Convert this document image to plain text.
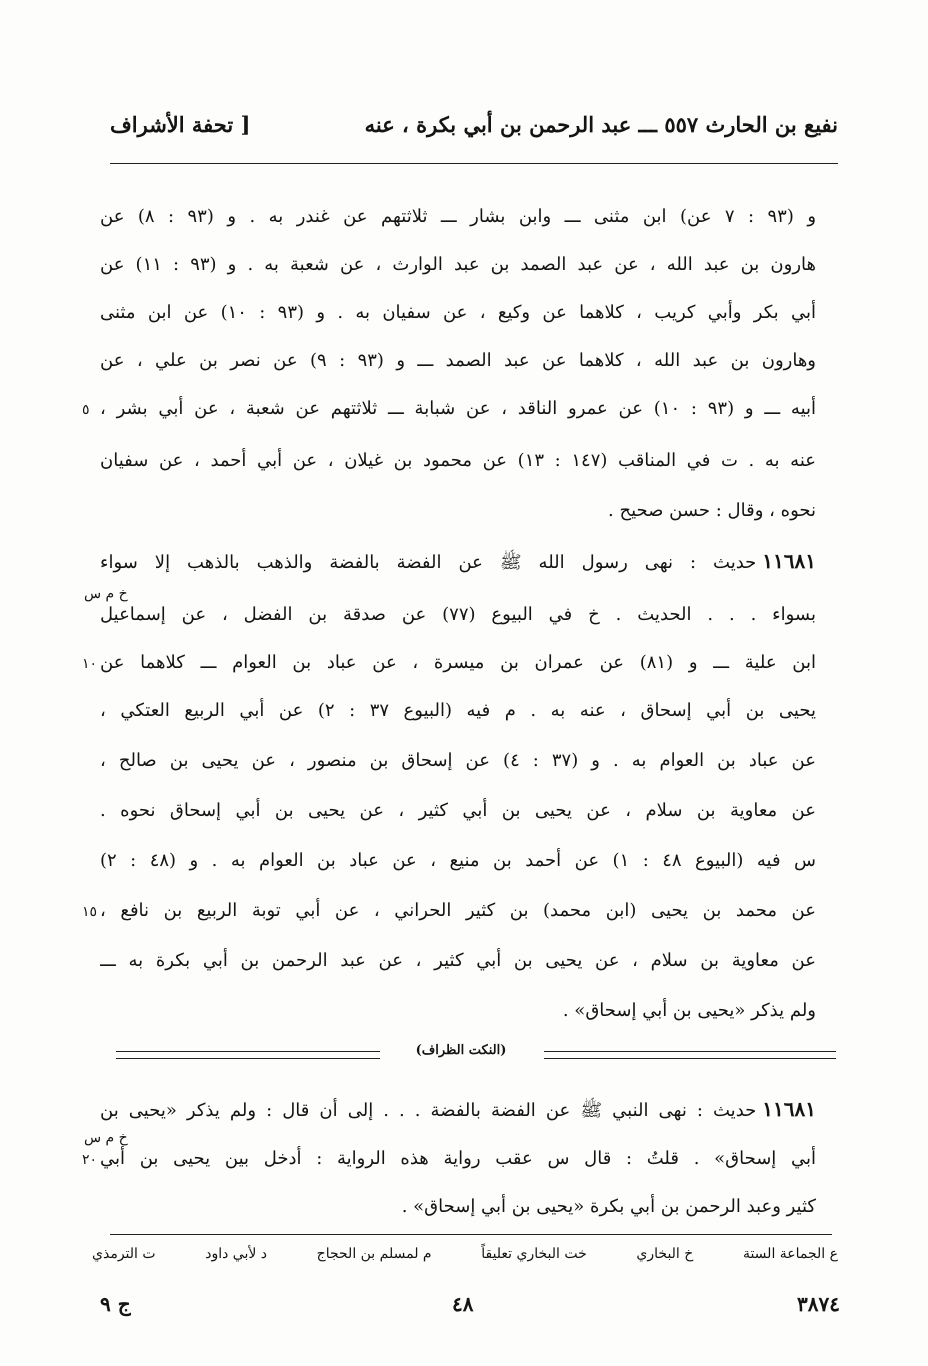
نفيع بن الحارث ٥٥٧ ـــ عبد الرحمن بن أبي بكرة ، عنه
[ تحفة الأشراف
و (٩٣ : ٧ عن) ابن مثنى ـــ وابن بشار ـــ ثلاثتهم عن غندر به . و (٩٣ : ٨) عن
هارون بن عبد الله ، عن عبد الصمد بن عبد الوارث ، عن شعبة به . و (٩٣ : ١١) عن
أبي بكر وأبي كريب ، كلاهما عن وكيع ، عن سفيان به . و (٩٣ : ١٠) عن ابن مثنى
وهارون بن عبد الله ، كلاهما عن عبد الصمد ـــ و (٩٣ : ٩) عن نصر بن علي ، عن
أبيه ـــ و (٩٣ : ١٠) عن عمرو الناقد ، عن شبابة ـــ ثلاثتهم عن شعبة ، عن أبي بشر ،
عنه به . ت في المناقب (١٤٧ : ١٣) عن محمود بن غيلان ، عن أبي أحمد ، عن سفيان
نحوه ، وقال : حسن صحيح .
١١٦٨١حديث : نهى رسول الله ﷺ عن الفضة بالفضة والذهب بالذهب إلا سواء
خ م س
بسواء . . . الحديث . خ في البيوع (٧٧) عن صدقة بن الفضل ، عن إسماعيل
ابن علية ـــ و (٨١) عن عمران بن ميسرة ، عن عباد بن العوام ـــ كلاهما عن
يحيى بن أبي إسحاق ، عنه به . م فيه (البيوع ٣٧ : ٢) عن أبي الربيع العتكي ،
عن عباد بن العوام به . و (٣٧ : ٤) عن إسحاق بن منصور ، عن يحيى بن صالح ،
عن معاوية بن سلام ، عن يحيى بن أبي كثير ، عن يحيى بن أبي إسحاق نحوه .
س فيه (البيوع ٤٨ : ١) عن أحمد بن منيع ، عن عباد بن العوام به . و (٤٨ : ٢)
عن محمد بن يحيى (ابن محمد) بن كثير الحراني ، عن أبي توبة الربيع بن نافع ،
عن معاوية بن سلام ، عن يحيى بن أبي كثير ، عن عبد الرحمن بن أبي بكرة به ـــ
ولم يذكر «يحيى بن أبي إسحاق» .
(النكت الظراف)
١١٦٨١حديث : نهى النبي ﷺ عن الفضة بالفضة . . . إلى أن قال : ولم يذكر «يحيى بن
خ م س
أبي إسحاق» . قلتُ : قال س عقب رواية هذه الرواية : أدخل بين يحيى بن أبي
كثير وعبد الرحمن بن أبي بكرة «يحيى بن أبي إسحاق» .
٥
١٠
١٥
٢٠
ع الجماعة الستة
خ البخاري
خت البخاري تعليقاً
م لمسلم بن الحجاج
د لأبي داود
ت الترمذي
ج ٩	٤٨	٣٨٧٤
